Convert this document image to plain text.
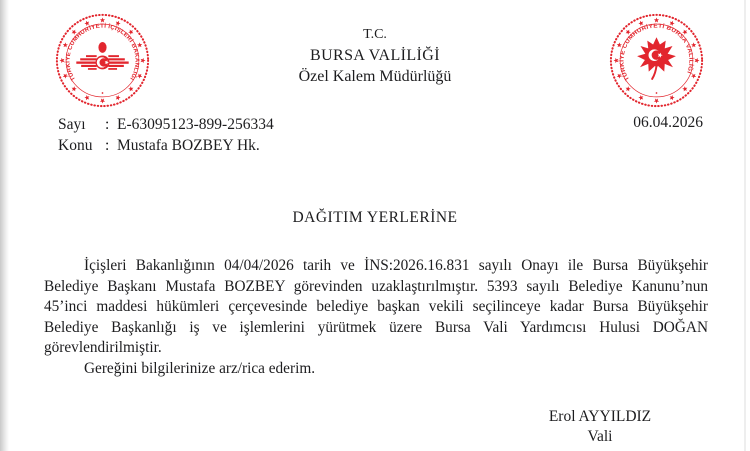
TÜRKİYE CUMHURİYETİ İÇİŞLERİ BAKANLIĞI	TÜRKİYE CUMHURİYETİ BURSA VALİLİĞİ
T.C.
BURSA VALİLİĞİ
Özel Kalem Müdürlüğü
Sayı	: E-63095123-899-256334
Konu : Mustafa BOZBEY Hk.
06.04.2026
DAĞITIM YERLERİNE

İçişleri Bakanlığının 04/04/2026 tarih ve İNS:2026.16.831 sayılı Onayı ile Bursa Büyükşehir Belediye Başkanı Mustafa BOZBEY görevinden uzaklaştırılmıştır. 5393 sayılı Belediye Kanunu’nun 45’inci maddesi hükümleri çerçevesinde belediye başkan vekili seçilinceye kadar Bursa Büyükşehir Belediye Başkanlığı iş ve işlemlerini yürütmek üzere Bursa Vali Yardımcısı Hulusi DOĞAN görevlendirilmiştir.

Gereğini bilgilerinize arz/rica ederim.

Erol AYYILDIZ
Vali
